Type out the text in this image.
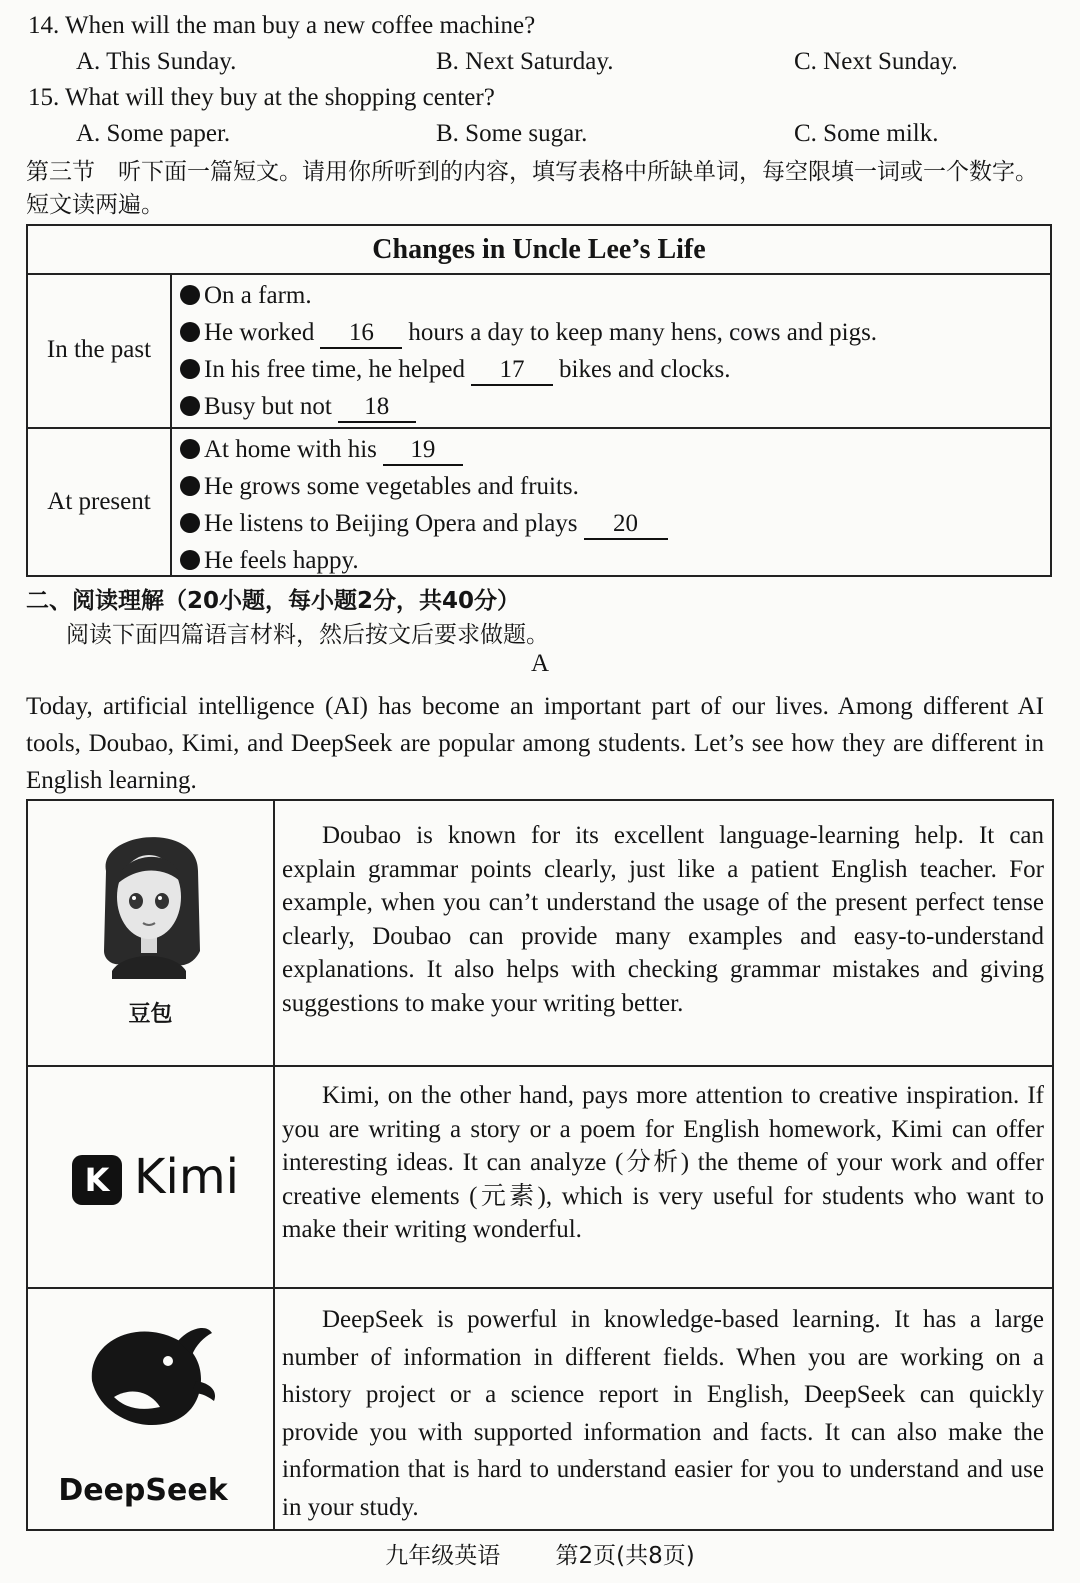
14. When will the man buy a new coffee machine?
A. This Sunday.	B. Next Saturday.	C. Next Sunday.
15. What will they buy at the shopping center?
A. Some paper.	B. Some sugar.	C. Some milk.
第三节　听下面一篇短文。请用你所听到的内容，填写表格中所缺单词，每空限填一词或一个数字。短文读两遍。
Changes in Uncle Lee’s Life
In the past
On a farm.
He worked 16 hours a day to keep many hens, cows and pigs.
In his free time, he helped 17 bikes and clocks.
Busy but not 18
At present
At home with his 19
He grows some vegetables and fruits.
He listens to Beijing Opera and plays 20
He feels happy.
二、阅读理解（20小题，每小题2分，共40分）
阅读下面四篇语言材料，然后按文后要求做题。
A
Today, artificial intelligence (AI) has become an important part of our lives. Among different AI tools, Doubao, Kimi, and DeepSeek are popular among students. Let’s see how they are different in English learning.
豆包
Doubao is known for its excellent language-learning help. It can explain grammar points clearly, just like a patient English teacher. For example, when you can’t understand the usage of the present perfect tense clearly, Doubao can provide many examples and easy-to-understand explanations. It also helps with checking grammar mistakes and giving suggestions to make your writing better.
K Kimi
Kimi, on the other hand, pays more attention to creative inspiration. If you are writing a story or a poem for English homework, Kimi can offer interesting ideas. It can analyze (分析) the theme of your work and offer creative elements (元素), which is very useful for students who want to make their writing wonderful.
DeepSeek
DeepSeek is powerful in knowledge-based learning. It has a large number of information in different fields. When you are working on a history project or a science report in English, DeepSeek can quickly provide you with supported information and facts. It can also make the information that is hard to understand easier for you to understand and use in your study.
九年级英语 第2页(共8页)
